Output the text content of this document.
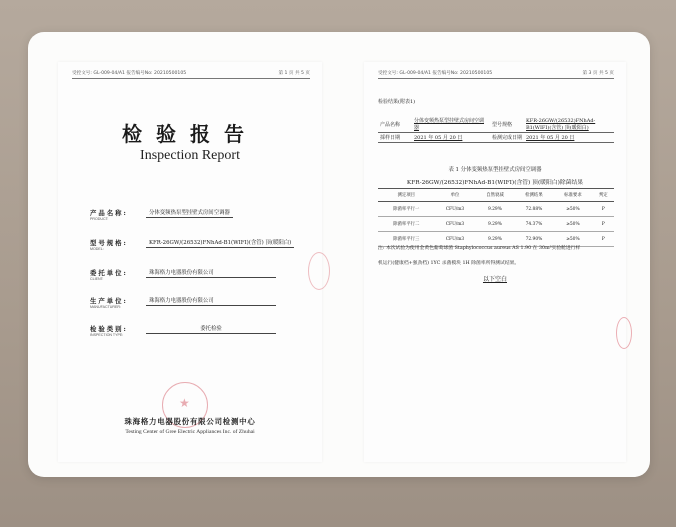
受控文号: GL-009-04/A1 报告编号No: 20210500105	第 1 页 共 5 页
检验报告
Inspection Report
产品名称:
PRODUCT:
分体变频热泵型挂壁式房间空调器
型号规格:
MODEL:
KFR-26GW/(26532)FNhAd-B1(WIFI)(含管) 顶(暖阳白)
委托单位:
CLIENT:
珠海格力电器股份有限公司
生产单位:
MANUFACTURER:
珠海格力电器股份有限公司
检验类别:
INSPECTION TYPE:
委托检验
★
珠海格力电器股份有限公司检测中心
Testing Center of Gree Electric Appliances Inc. of Zhuhai
受控文号: GL-009-04/A1 报告编号No: 20210500105	第 3 页 共 5 页
检验结果(附表1)
产品名称	分体变频热泵型挂壁式房间空调器	型号规格	KFR-26GW/(26532)FNhAd-B1(WIFI)(含管) 顶(暖阳白)
採样日期	2021 年 05 月 20 日	检测完成日期	2021 年 05 月 20 日
表 1 分体变频热泵型挂壁式房间空调器
KFR-26GW/(26532)FNhAd-B1(WIFI)(含管) 顶(暖阳白)除菌结果
测定项目	单位	自然衰减	检测结果	标准要求	判定
除菌率平行一	CFU/m3	9.29%	72.88%	≥50%	P
除菌率平行二	CFU/m3	9.29%	74.37%	≥50%	P
除菌率平行三	CFU/m3	9.29%	72.90%	≥50%	P
注: 本次试验为使用金黄色葡萄球菌 Staphylococcus aureus AS 1.90 在 30m³实验舱进行样
机运行(健康档+强劲档) 1YC 杀菌模块 1H 除菌率所得测试结果。
以下空白
